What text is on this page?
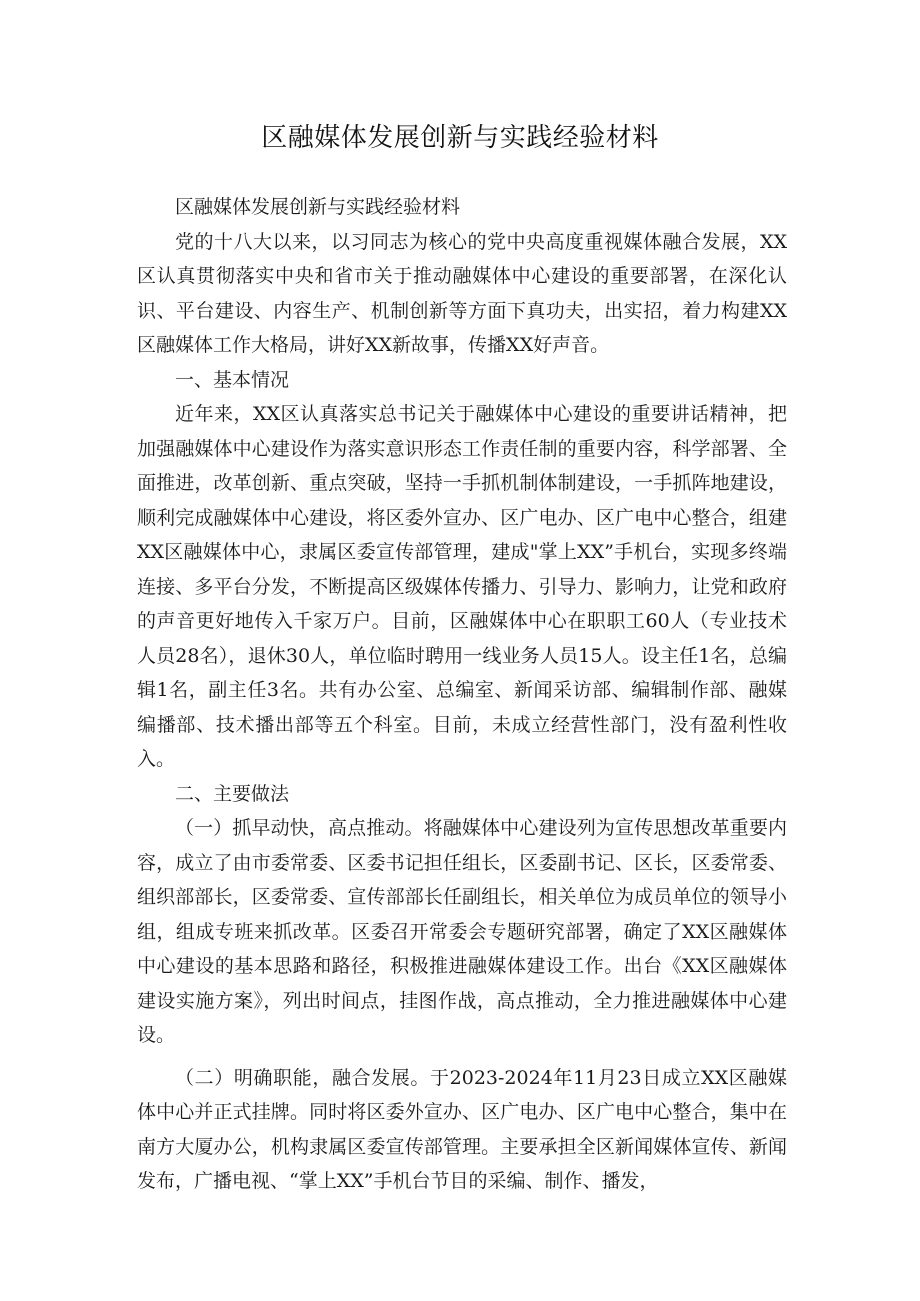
区融媒体发展创新与实践经验材料

区融媒体发展创新与实践经验材料

党的十八大以来，以习同志为核心的党中央高度重视媒体融合发展，XX区认真贯彻落实中央和省市关于推动融媒体中心建设的重要部署，在深化认识、平台建设、内容生产、机制创新等方面下真功夫，出实招，着力构建XX区融媒体工作大格局，讲好XX新故事，传播XX好声音。

一、基本情况

近年来，XX区认真落实总书记关于融媒体中心建设的重要讲话精神，把加强融媒体中心建设作为落实意识形态工作责任制的重要内容，科学部署、全面推进，改革创新、重点突破，坚持一手抓机制体制建设，一手抓阵地建设，顺利完成融媒体中心建设，将区委外宣办、区广电办、区广电中心整合，组建XX区融媒体中心，隶属区委宣传部管理，建成"掌上XX”手机台，实现多终端连接、多平台分发，不断提高区级媒体传播力、引导力、影响力，让党和政府的声音更好地传入千家万户。目前，区融媒体中心在职职工60人（专业技术人员28名），退休30人，单位临时聘用一线业务人员15人。设主任1名，总编辑1名，副主任3名。共有办公室、总编室、新闻采访部、编辑制作部、融媒编播部、技术播出部等五个科室。目前，未成立经营性部门，没有盈利性收入。

二、主要做法

（一）抓早动快，高点推动。将融媒体中心建设列为宣传思想改革重要内容，成立了由市委常委、区委书记担任组长，区委副书记、区长，区委常委、组织部部长，区委常委、宣传部部长任副组长，相关单位为成员单位的领导小组，组成专班来抓改革。区委召开常委会专题研究部署，确定了XX区融媒体中心建设的基本思路和路径，积极推进融媒体建设工作。出台《XX区融媒体建设实施方案》，列出时间点，挂图作战，高点推动，全力推进融媒体中心建设。

（二）明确职能，融合发展。于2023-2024年11月23日成立XX区融媒体中心并正式挂牌。同时将区委外宣办、区广电办、区广电中心整合，集中在南方大厦办公，机构隶属区委宣传部管理。主要承担全区新闻媒体宣传、新闻发布，广播电视、“掌上XX”手机台节目的采编、制作、播发，
